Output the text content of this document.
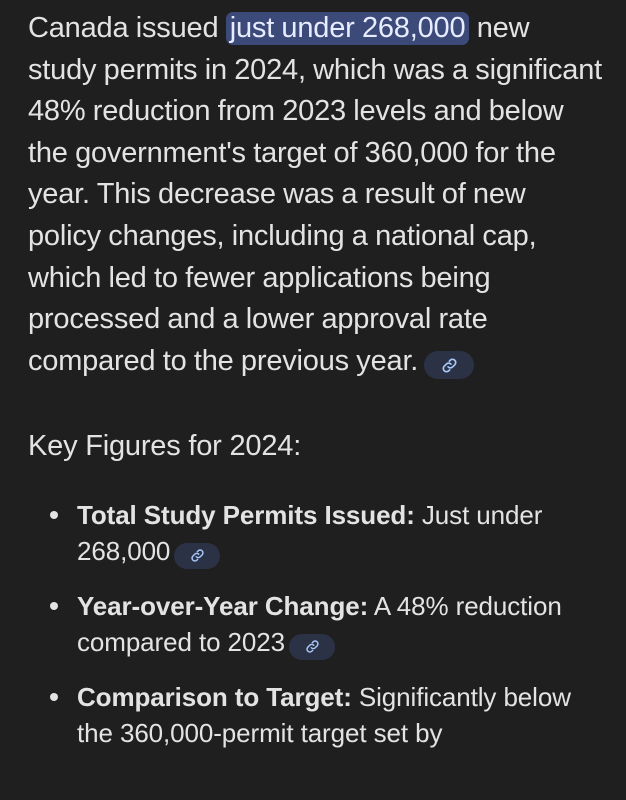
Canada issued just under 268,000 new study permits in 2024, which was a significant 48% reduction from 2023 levels and below the government's target of 360,000 for the year. This decrease was a result of new policy changes, including a national cap, which led to fewer applications being processed and a lower approval rate compared to the previous year.

Key Figures for 2024:
Total Study Permits Issued: Just under 268,000
Year-over-Year Change: A 48% reduction compared to 2023
Comparison to Target: Significantly below the 360,000-permit target set by
